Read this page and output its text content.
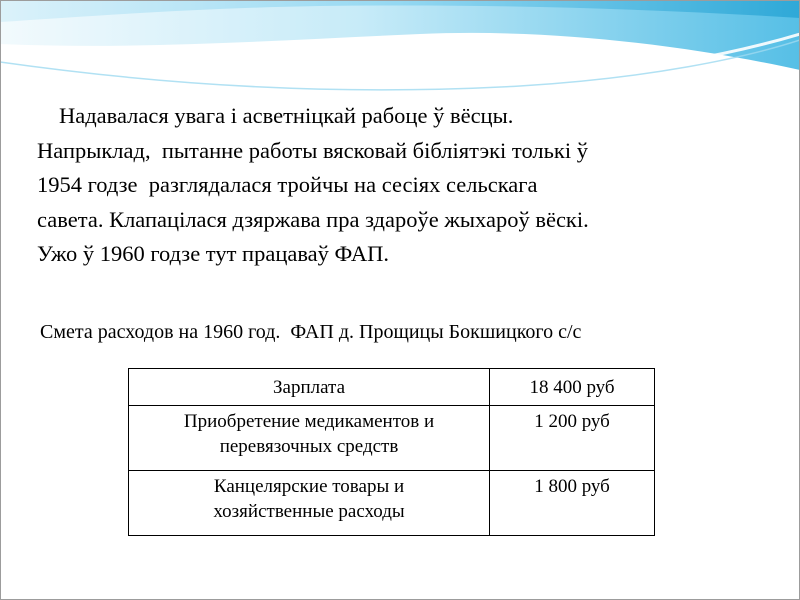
Надавалася увага і асветніцкай рабоце ў вёсцы.
Напрыклад,  пытанне работы вясковай бібліятэкі толькі ў
1954 годзе  разглядалася тройчы на сесіях сельскага
савета. Клапацілася дзяржава пра здароўе жыхароў вёскі.
Ужо ў 1960 годзе тут працаваў ФАП.

Смета расходов на 1960 год.  ФАП д. Прощицы Бокшицкого с/с

Зарплата	18 400 руб

Приобретение медикаментов и
перевязочных средств	1 200 руб

Канцелярские товары и
хозяйственные расходы	1 800 руб
